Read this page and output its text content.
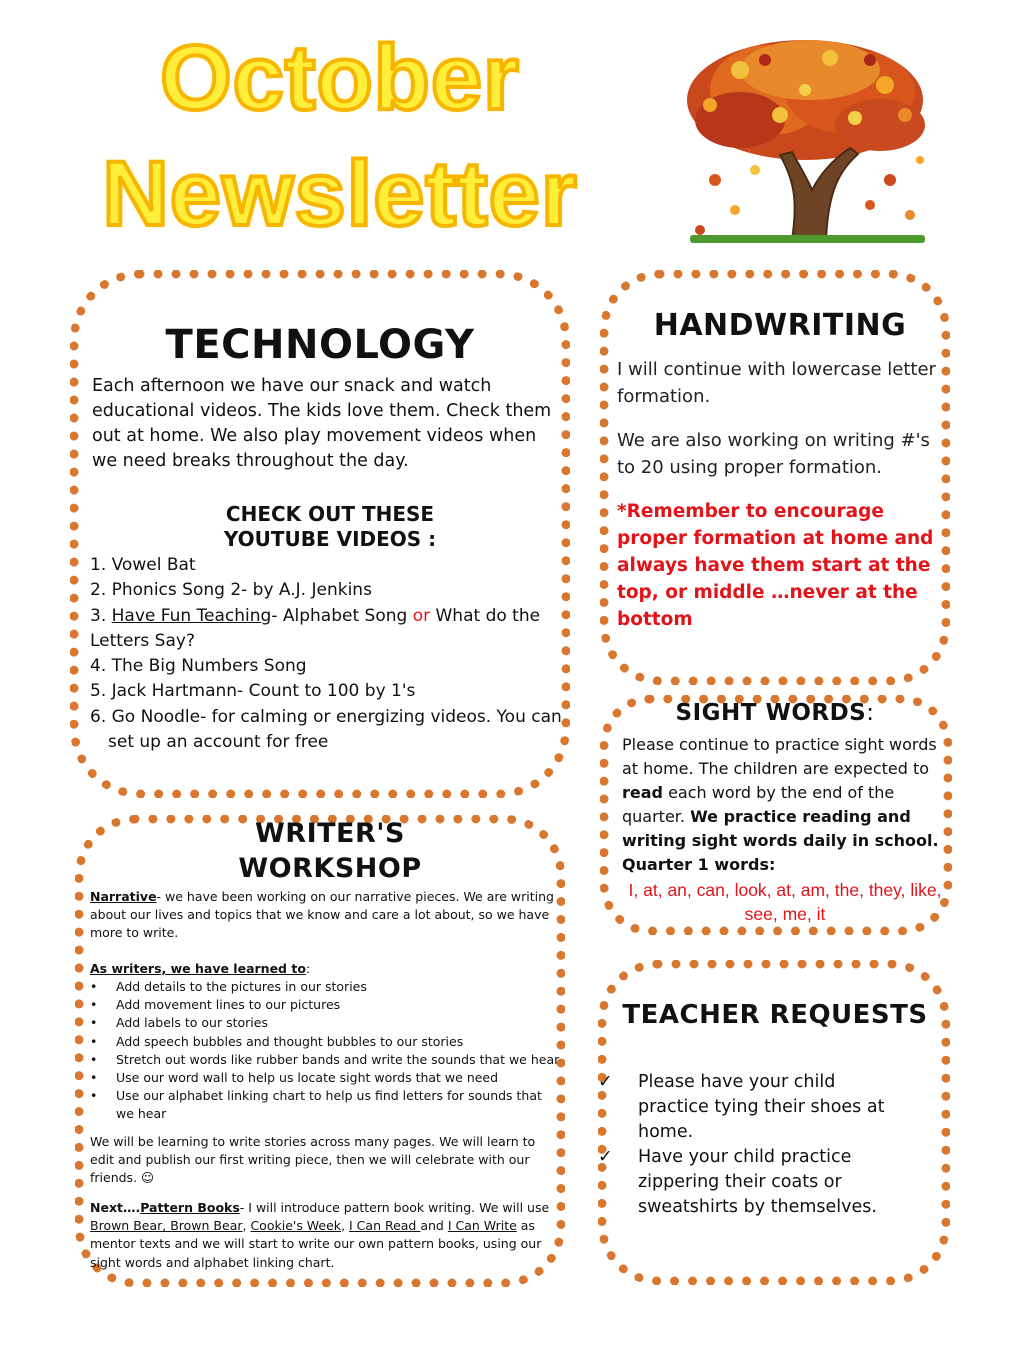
October
Newsletter
TECHNOLOGY
Each afternoon we have our snack and watch educational videos. The kids love them. Check them out at home. We also play movement videos when we need breaks throughout the day.
CHECK OUT THESE
YOUTUBE VIDEOS :
1. Vowel Bat
2. Phonics Song 2- by A.J. Jenkins
3. Have Fun Teaching- Alphabet Song or What do the Letters Say?
4. The Big Numbers Song
5. Jack Hartmann- Count to 100 by 1's
6. Go Noodle- for calming or energizing videos. You can set up an account for free
HANDWRITING
I will continue with lowercase letter formation.
We are also working on writing #'s to 20 using proper formation.
*Remember to encourage proper formation at home and always have them start at the top, or middle …never at the bottom
SIGHT WORDS:
Please continue to practice sight words at home. The children are expected to read each word by the end of the quarter. We practice reading and writing sight words daily in school.
Quarter 1 words:
I, at, an, can, look, at, am, the, they, like, see, me, it
WRITER'S
WORKSHOP
Narrative- we have been working on our narrative pieces. We are writing about our lives and topics that we know and care a lot about, so we have more to write.
As writers, we have learned to:
• Add details to the pictures in our stories
• Add movement lines to our pictures
• Add labels to our stories
• Add speech bubbles and thought bubbles to our stories
• Stretch out words like rubber bands and write the sounds that we hear
• Use our word wall to help us locate sight words that we need
• Use our alphabet linking chart to help us find letters for sounds that we hear
We will be learning to write stories across many pages. We will learn to edit and publish our first writing piece, then we will celebrate with our friends. ☺
Next….Pattern Books- I will introduce pattern book writing. We will use Brown Bear, Brown Bear, Cookie's Week, I Can Read and I Can Write as mentor texts and we will start to write our own pattern books, using our sight words and alphabet linking chart.
TEACHER REQUESTS
✓ Please have your child practice tying their shoes at home.
✓ Have your child practice zippering their coats or sweatshirts by themselves.
